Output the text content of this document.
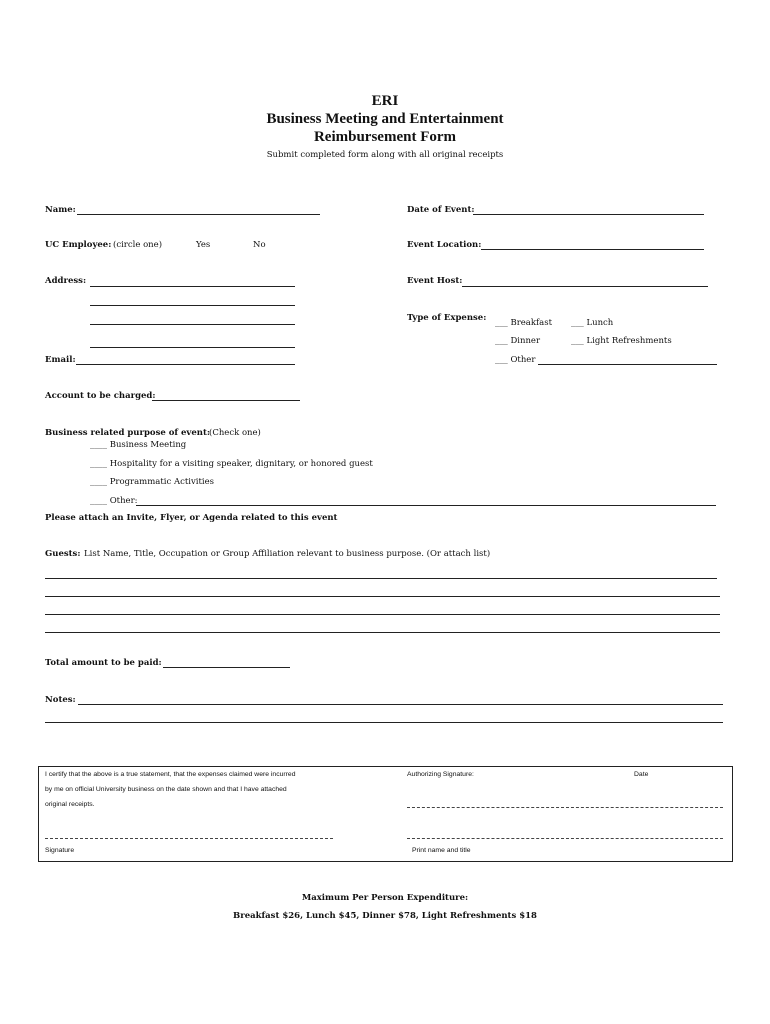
ERI
Business Meeting and Entertainment
Reimbursement Form
Submit completed form along with all original receipts
Name:	Date of Event:
UC Employee: (circle one)	Yes	No	Event Location:
Address:	Event Host:
Type of Expense: ___ Breakfast ___ Lunch
___ Dinner	___ Light Refreshments
___ Other
Email:
Account to be charged:
Business related purpose of event:
(Check one)
____ Business Meeting
____ Hospitality for a visiting speaker, dignitary, or honored guest
____ Programmatic Activities
____ Other:
Please attach an Invite, Flyer, or Agenda related to this event
Guests: List Name, Title, Occupation or Group Affiliation relevant to business purpose. (Or attach list)
Total amount to be paid:
Notes:
I certify that the above is a true statement, that the expenses claimed were incurred
by me on official University business on the date shown and that I have attached
original receipts.
Signature
Authorizing Signature:	Date
Print name and title
Maximum Per Person Expenditure:
Breakfast $26, Lunch $45, Dinner $78, Light Refreshments $18
